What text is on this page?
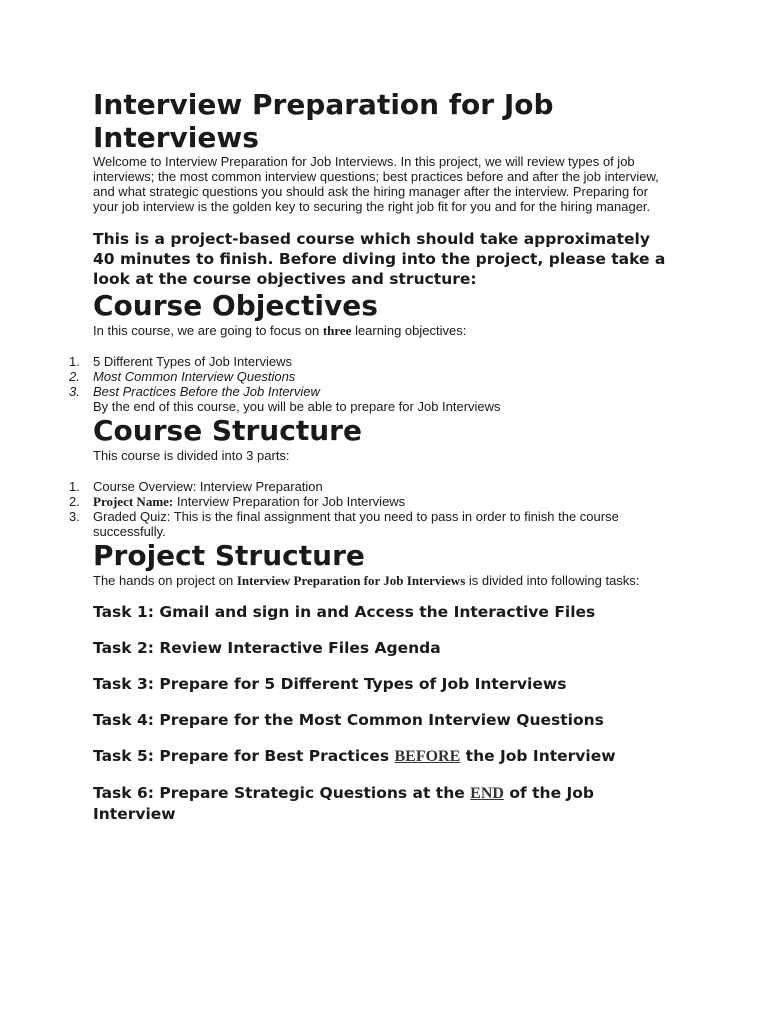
Interview Preparation for Job Interviews

Welcome to Interview Preparation for Job Interviews. In this project, we will review types of job interviews; the most common interview questions; best practices before and after the job interview, and what strategic questions you should ask the hiring manager after the interview. Preparing for your job interview is the golden key to securing the right job fit for you and for the hiring manager.

This is a project-based course which should take approximately 40 minutes to finish. Before diving into the project, please take a look at the course objectives and structure:

Course Objectives

In this course, we are going to focus on three learning objectives:

1.	5 Different Types of Job Interviews
2.	Most Common Interview Questions
3.	Best Practices Before the Job Interview

By the end of this course, you will be able to prepare for Job Interviews

Course Structure

This course is divided into 3 parts:

1.	Course Overview: Interview Preparation
2.	Project Name: Interview Preparation for Job Interviews
3.	Graded Quiz: This is the final assignment that you need to pass in order to finish the course successfully.
Project Structure

The hands on project on Interview Preparation for Job Interviews is divided into following tasks:

Task 1: Gmail and sign in and Access the Interactive Files

Task 2: Review Interactive Files Agenda

Task 3: Prepare for 5 Different Types of Job Interviews

Task 4: Prepare for the Most Common Interview Questions

Task 5: Prepare for Best Practices BEFORE the Job Interview

Task 6: Prepare Strategic Questions at the END of the Job Interview
